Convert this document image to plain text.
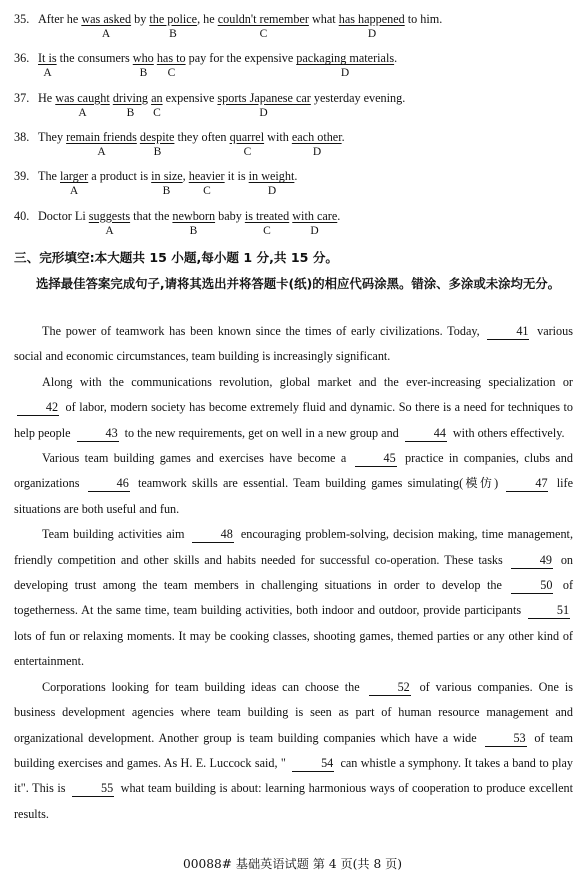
35. After he was asked by the police, he couldn't remember what has happened to him.
A	B	C	D
36. It is the consumers who has to pay for the expensive packaging materials.
A	B C	D
37. He was caught driving an expensive sports Japanese car yesterday evening.
A	B C	D
38. They remain friends despite they often quarrel with each other.
A	B	C	D
39. The larger a product is in size, heavier it is in weight.
A	B	C	D
40. Doctor Li suggests that the newborn baby is treated with care.
A	B	C	D
三、完形填空:本大题共 15 小题,每小题 1 分,共 15 分。
选择最佳答案完成句子,请将其选出并将答题卡(纸)的相应代码涂黑。错涂、多涂或未涂均无分。

The power of teamwork has been known since the times of early civilizations. Today,	41 various social and economic circumstances, team building is increasingly significant.

Along with the communications revolution, global market and the ever-increasing specialization or 42 of labor, modern society has become extremely fluid and dynamic. So there is a need for techniques to help people	43 to the new requirements, get on well in a new group and	44 with others effectively.

Various team building games and exercises have become a	45 practice in companies, clubs and organizations	46 teamwork skills are essential. Team building games simulating(模仿)	47 life situations are both useful and fun.

Team building activities aim	48 encouraging problem-solving, decision making, time management, friendly competition and other skills and habits needed for successful co-operation. These tasks	49 on developing trust among the team members in challenging situations in order to develop the	50 of togetherness. At the same time, team building activities, both indoor and outdoor, provide participants	51 lots of fun or relaxing moments. It may be cooking classes, shooting games, themed parties or any other kind of entertainment.

Corporations looking for team building ideas can choose the	52 of various companies. One is business development agencies where team building is seen as part of human resource management and organizational development. Another group is team building companies which have a wide	53 of team building exercises and games. As H. E. Luccock said, "	54 can whistle a symphony. It takes a band to play it". This is	55 what team building is about: learning harmonious ways of cooperation to produce excellent results.

00088# 基础英语试题 第 4 页(共 8 页)
